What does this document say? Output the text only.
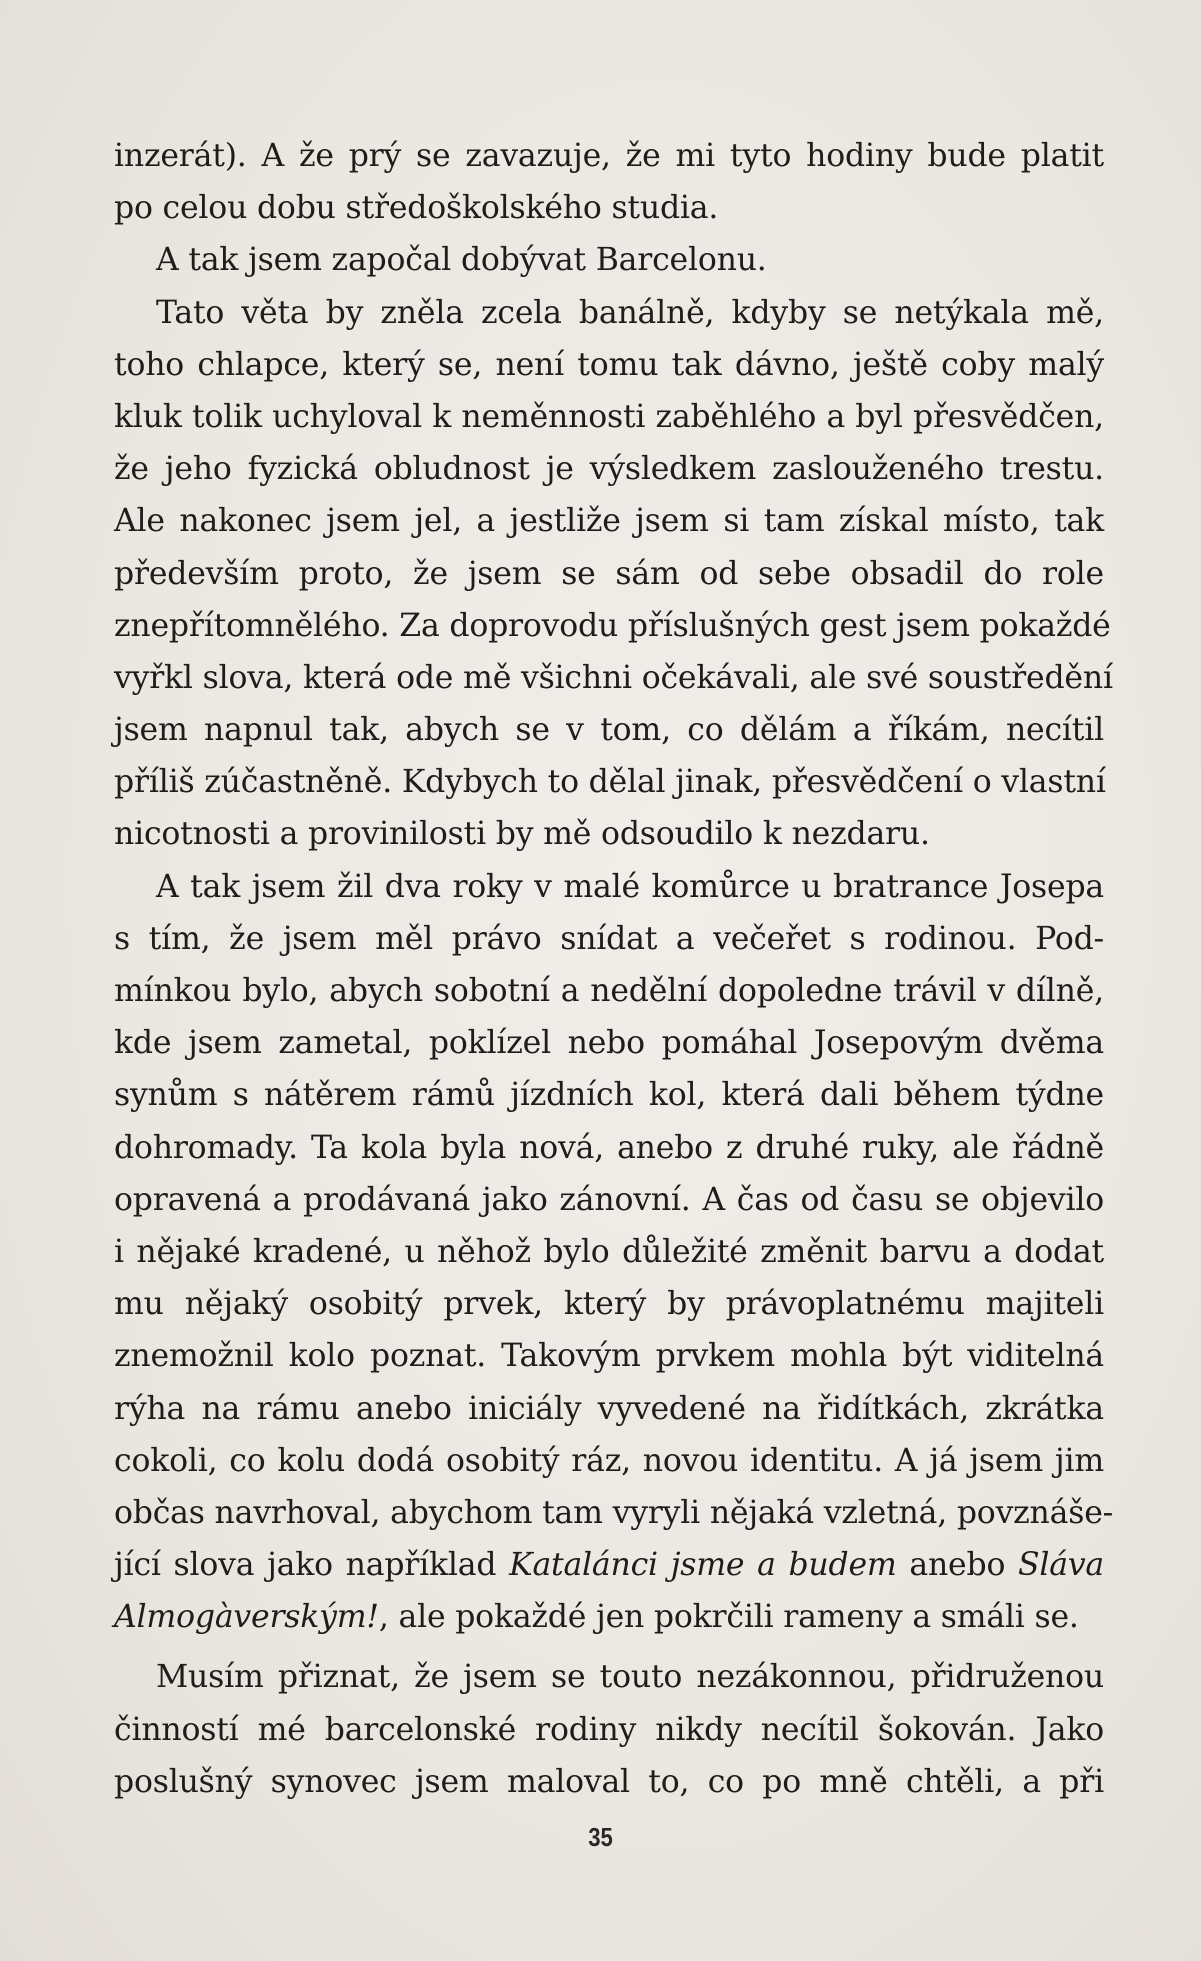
inzerát). A že prý se zavazuje, že mi tyto hodiny bude platit
po celou dobu středoškolského studia.
A tak jsem započal dobývat Barcelonu.
Tato věta by zněla zcela banálně, kdyby se netýkala mě,
toho chlapce, který se, není tomu tak dávno, ještě coby malý
kluk tolik uchyloval k neměnnosti zaběhlého a byl přesvědčen,
že jeho fyzická obludnost je výsledkem zaslouženého trestu.
Ale nakonec jsem jel, a jestliže jsem si tam získal místo, tak
především proto, že jsem se sám od sebe obsadil do role
znepřítomnělého. Za doprovodu příslušných gest jsem pokaždé
vyřkl slova, která ode mě všichni očekávali, ale své soustředění
jsem napnul tak, abych se v tom, co dělám a říkám, necítil
příliš zúčastněně. Kdybych to dělal jinak, přesvědčení o vlastní
nicotnosti a provinilosti by mě odsoudilo k nezdaru.
A tak jsem žil dva roky v malé komůrce u bratrance Josepa
s tím, že jsem měl právo snídat a večeřet s rodinou. Pod-
mínkou bylo, abych sobotní a nedělní dopoledne trávil v dílně,
kde jsem zametal, poklízel nebo pomáhal Josepovým dvěma
synům s nátěrem rámů jízdních kol, která dali během týdne
dohromady. Ta kola byla nová, anebo z druhé ruky, ale řádně
opravená a prodávaná jako zánovní. A čas od času se objevilo
i nějaké kradené, u něhož bylo důležité změnit barvu a dodat
mu nějaký osobitý prvek, který by právoplatnému majiteli
znemožnil kolo poznat. Takovým prvkem mohla být viditelná
rýha na rámu anebo iniciály vyvedené na řidítkách, zkrátka
cokoli, co kolu dodá osobitý ráz, novou identitu. A já jsem jim
občas navrhoval, abychom tam vyryli nějaká vzletná, povznáše-
jící slova jako například Katalánci jsme a budem anebo Sláva
Almogàverským!, ale pokaždé jen pokrčili rameny a smáli se.
Musím přiznat, že jsem se touto nezákonnou, přidruženou
činností mé barcelonské rodiny nikdy necítil šokován. Jako
poslušný synovec jsem maloval to, co po mně chtěli, a při
35
